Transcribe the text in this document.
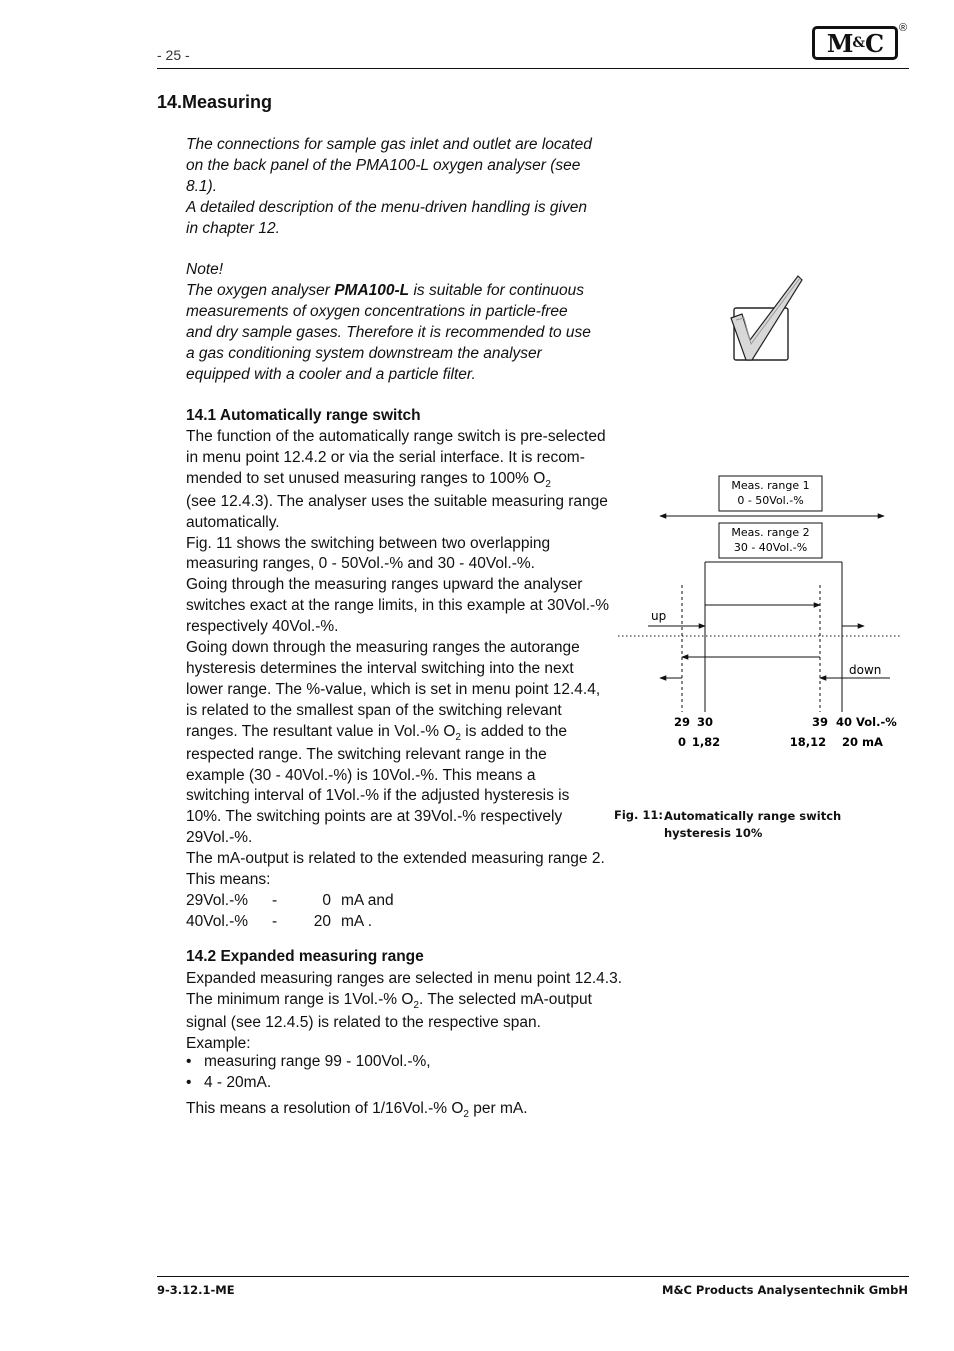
- 25 -	M & C
®
14.Measuring
The connections for sample gas inlet and outlet are located
on the back panel of the PMA100-L oxygen analyser (see
8.1).
A detailed description of the menu-driven handling is given
in chapter 12.
Note!
The oxygen analyser PMA100-L is suitable for continuous
measurements of oxygen concentrations in particle-free
and dry sample gases. Therefore it is recommended to use
a gas conditioning system downstream the analyser
equipped with a cooler and a particle filter.
14.1 Automatically range switch
The function of the automatically range switch is pre-selected
in menu point 12.4.2 or via the serial interface. It is recom-
mended to set unused measuring ranges to 100% $O_2$
(see 12.4.3). The analyser uses the suitable measuring range
automatically.
Fig. 11 shows the switching between two overlapping
measuring ranges, 0 - 50Vol.-% and 30 - 40Vol.-%.
Going through the measuring ranges upward the analyser
switches exact at the range limits, in this example at 30Vol.-%
respectively 40Vol.-%.
Going down through the measuring ranges the autorange
hysteresis determines the interval switching into the next
lower range. The %-value, which is set in menu point 12.4.4,
is related to the smallest span of the switching relevant
ranges. The resultant value in Vol.-% $O_2$ is added to the
respected range. The switching relevant range in the
example (30 - 40Vol.-%) is 10Vol.-%. This means a
switching interval of 1Vol.-% if the adjusted hysteresis is
10%. The switching points are at 39Vol.-% respectively
29Vol.-%.
The mA-output is related to the extended measuring range 2.
This means:
29Vol.-% -	0 mA and
40Vol.-% - 20 mA .
14.2 Expanded measuring range
Expanded measuring ranges are selected in menu point 12.4.3.
The minimum range is 1Vol.-% $O_2$. The selected mA-output
signal (see 12.4.5) is related to the respective span.
Example:
• measuring range 99 - 100Vol.-%,
• 4 - 20mA.
This means a resolution of 1/16Vol.-% $O_2$ per mA.
Meas. range 1
0 - 50Vol.-%
Meas. range 2
30 - 40Vol.-%
up
down
29 30	39 40 Vol.-%
0 1,82	18,12 20 mA
Fig. 11: Automatically range switch
hysteresis 10%
9-3.12.1-ME	M&C Products Analysentechnik GmbH
